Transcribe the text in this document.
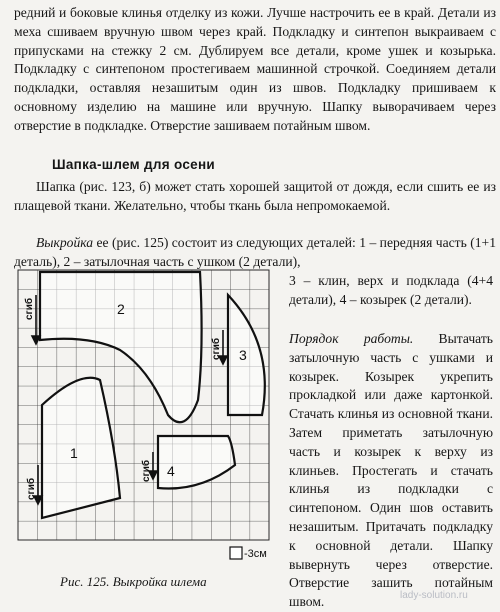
редний и боковые клинья отделку из кожи. Лучше настрочить ее в край. Детали из меха сшиваем вручную швом через край. Подкладку и синтепон выкраиваем с припусками на стежку 2 см. Дублируем все детали, кроме ушек и козырька. Подкладку с синтепоном простегиваем машинной строчкой. Соединяем детали подкладки, оставляя незашитым один из швов. Подкладку пришиваем к основному изделию на машине или вручную. Шапку выворачиваем через отверстие в подкладке. Отверстие зашиваем потайным швом.

Шапка-шлем для осени

Шапка (рис. 123, б) может стать хорошей защитой от дождя, если сшить ее из плащевой ткани. Желательно, чтобы ткань была непромокаемой.

Выкройка ее (рис. 125) состоит из следующих деталей: 1 – передняя часть (1+1 деталь), 2 – затылочная часть с ушком (2 детали),

3 – клин, верх и подклада (4+4 детали), 4 – козырек (2 детали).

Порядок работы. Вытачать затылочную часть с ушками и козырек. Козырек укрепить прокладкой или даже картонкой. Стачать клинья из основной ткани. Затем приметать затылочную часть и козырек к верху из клиньев. Простегать и стачать клинья из подкладки с синтепоном. Один шов оставить незашитым. Притачать подкладку к основной детали. Шапку вывернуть через отверстие. Отверстие зашить потайным швом.

сгиб
сгиб
сгиб
сгиб
1
2
3
4
-3см
Рис. 125. Выкройка шлема
lady-solution.ru
